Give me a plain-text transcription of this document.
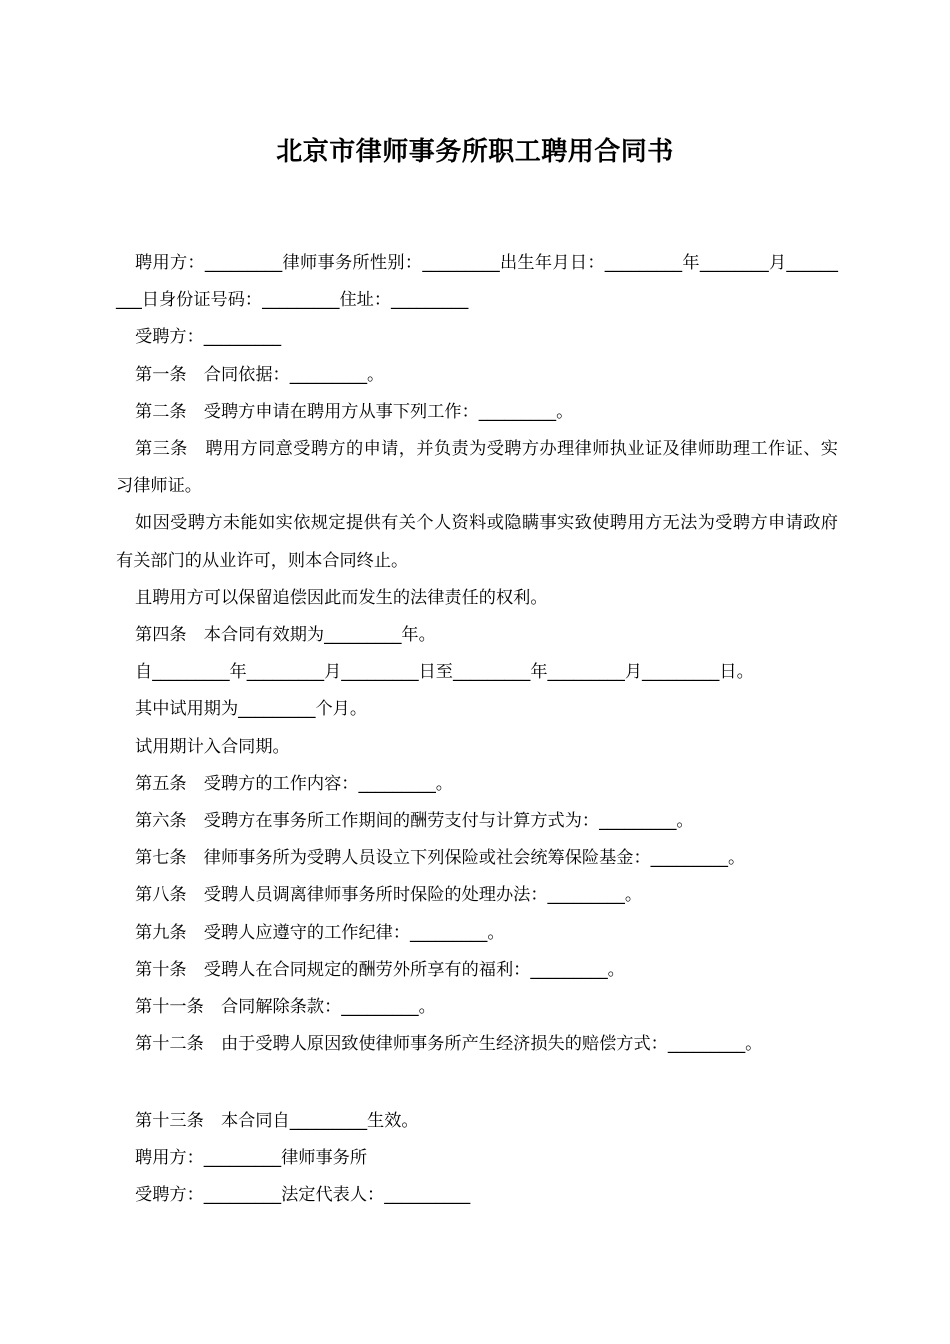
北京市律师事务所职工聘用合同书

聘用方：_________律师事务所性别：_________出生年月日：_________年________月_________日身份证号码：_________住址：_________

受聘方：_________

第一条　合同依据：_________。

第二条　受聘方申请在聘用方从事下列工作：_________。

第三条　聘用方同意受聘方的申请，并负责为受聘方办理律师执业证及律师助理工作证、实习律师证。

如因受聘方未能如实依规定提供有关个人资料或隐瞒事实致使聘用方无法为受聘方申请政府有关部门的从业许可，则本合同终止。

且聘用方可以保留追偿因此而发生的法律责任的权利。

第四条　本合同有效期为_________年。

自_________年_________月_________日至_________年_________月_________日。

其中试用期为_________个月。

试用期计入合同期。

第五条　受聘方的工作内容：_________。

第六条　受聘方在事务所工作期间的酬劳支付与计算方式为：_________。

第七条　律师事务所为受聘人员设立下列保险或社会统筹保险基金：_________。

第八条　受聘人员调离律师事务所时保险的处理办法：_________。

第九条　受聘人应遵守的工作纪律：_________。

第十条　受聘人在合同规定的酬劳外所享有的福利：_________。

第十一条　合同解除条款：_________。

第十二条　由于受聘人原因致使律师事务所产生经济损失的赔偿方式：_________。

第十三条　本合同自_________生效。

聘用方：_________律师事务所

受聘方：_________法定代表人：__________
